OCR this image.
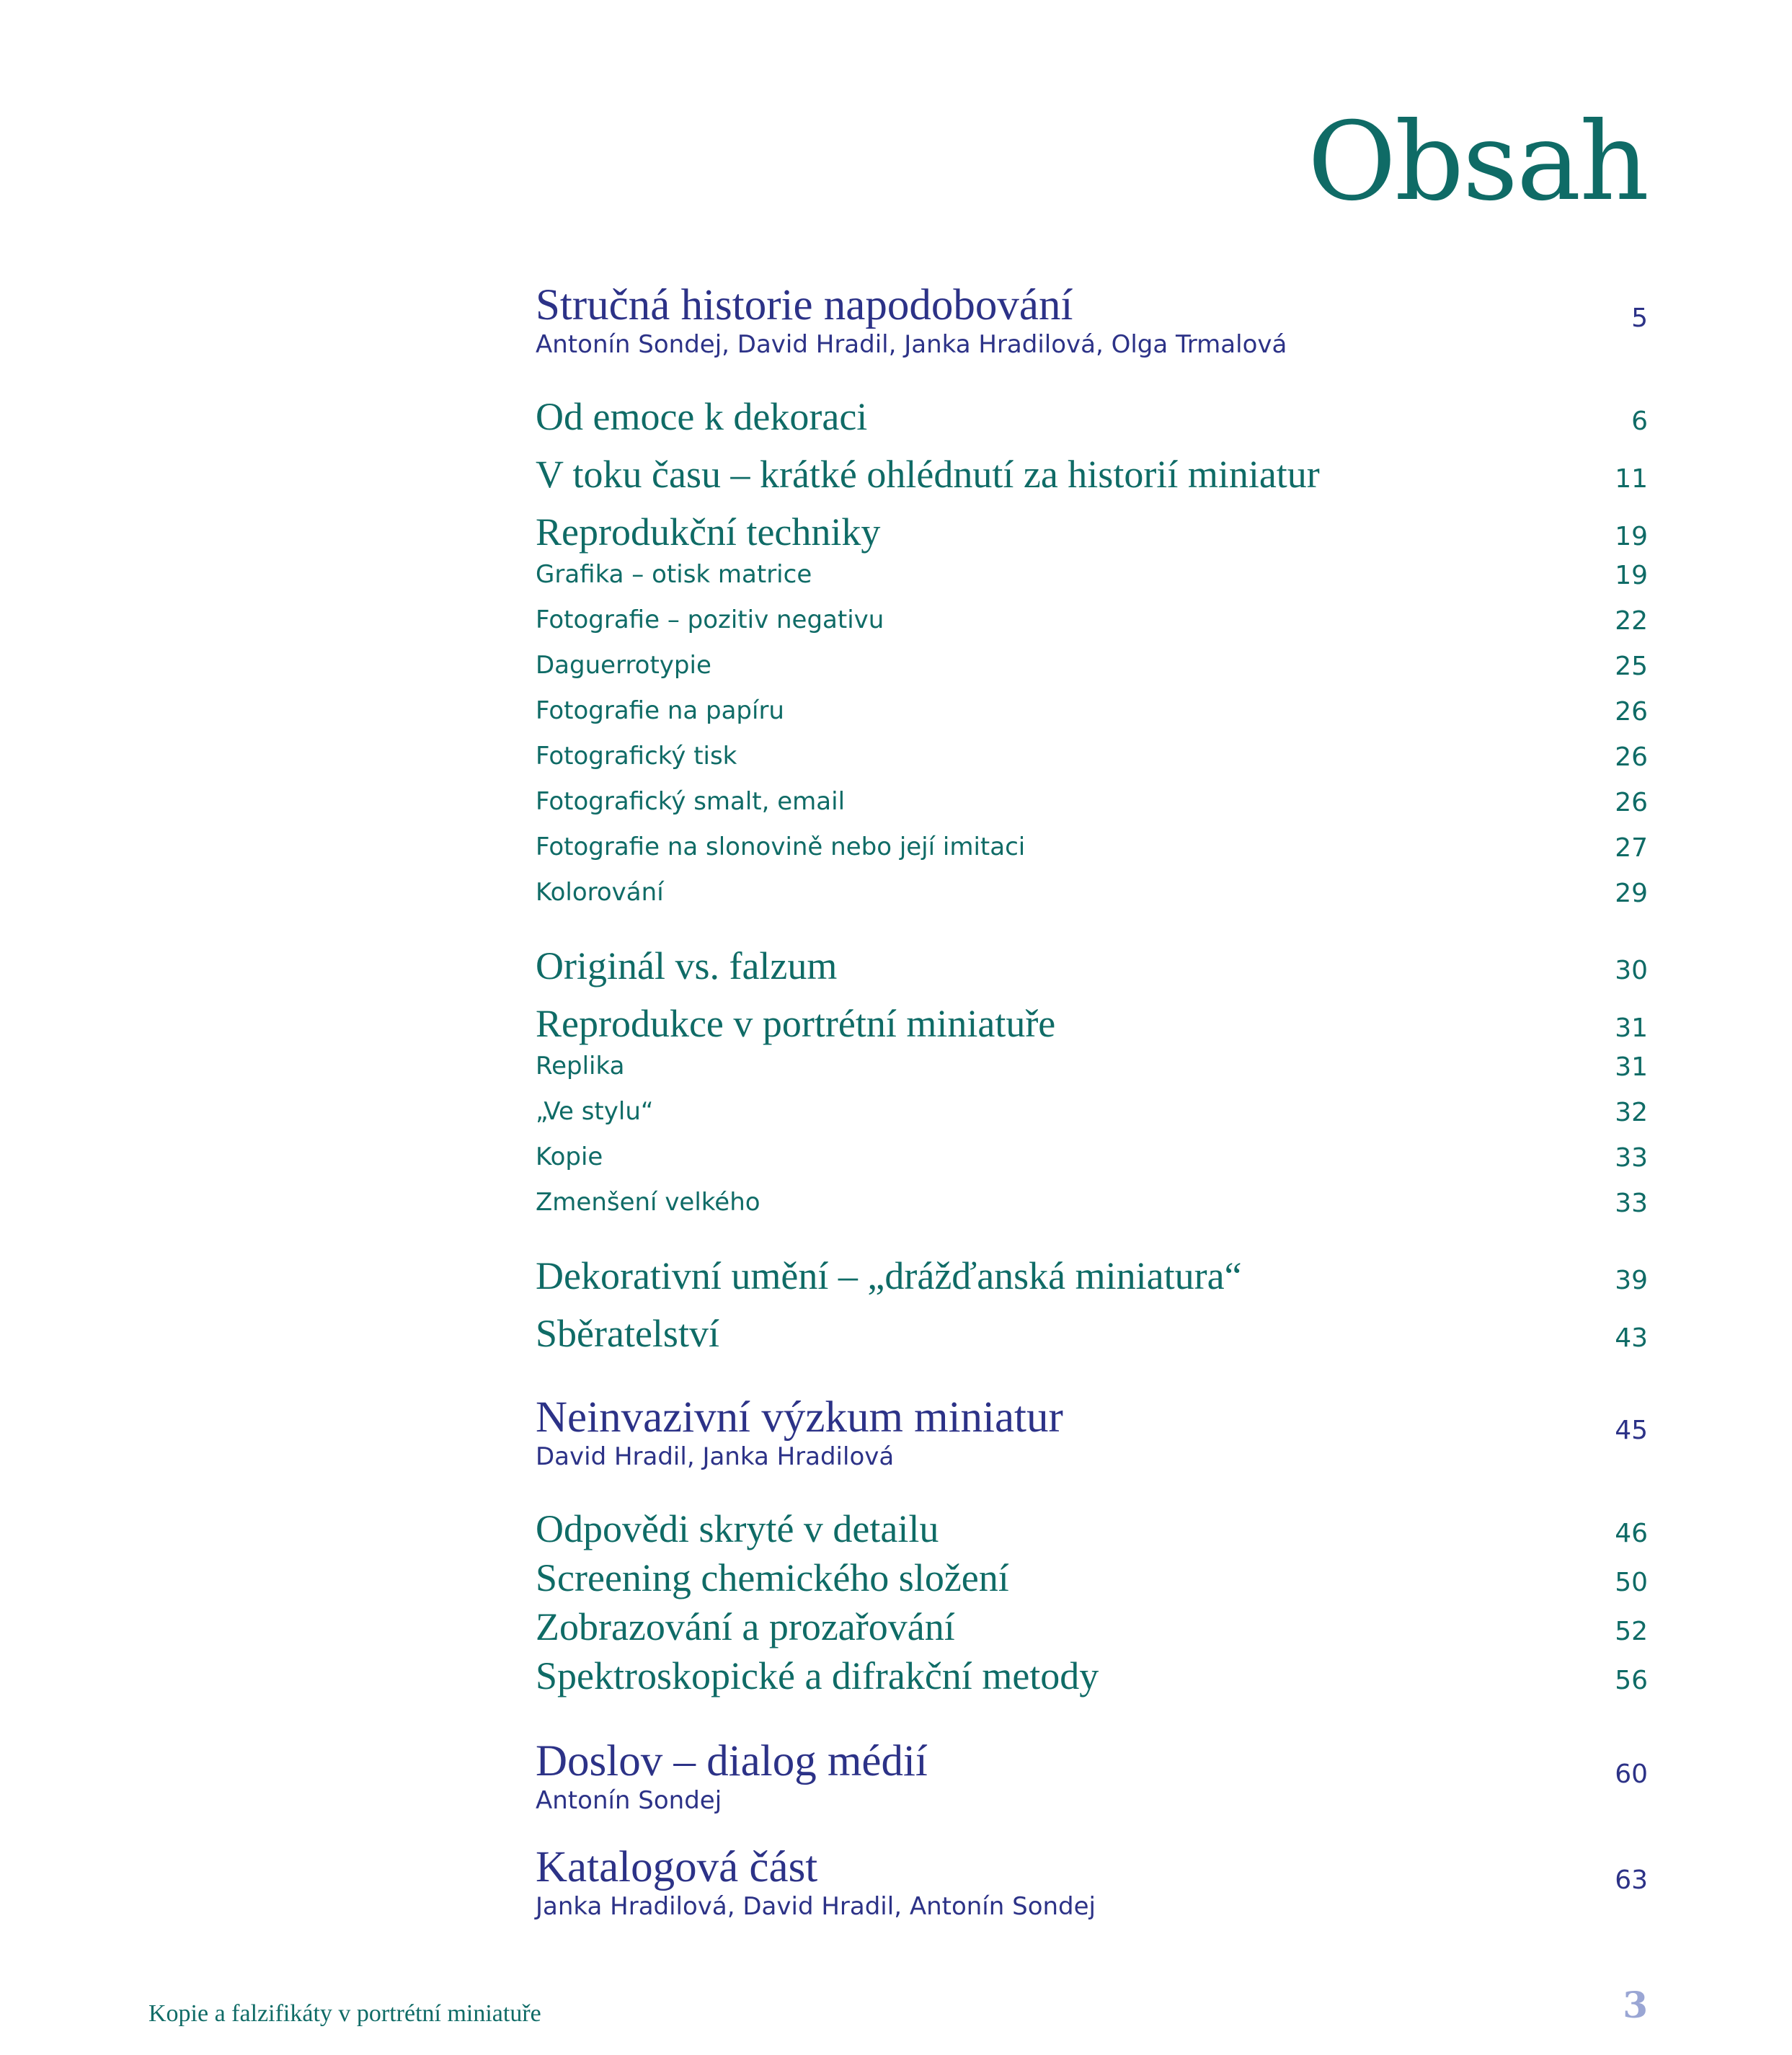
Obsah
Stručná historie napodobování	5
Antonín Sondej, David Hradil, Janka Hradilová, Olga Trmalová
Od emoce k dekoraci	6
V toku času – krátké ohlédnutí za historií miniatur	11
Reprodukční techniky	19
Grafika – otisk matrice	19
Fotografie – pozitiv negativu	22
Daguerrotypie	25
Fotografie na papíru	26
Fotografický tisk	26
Fotografický smalt, email	26
Fotografie na slonovině nebo její imitaci	27
Kolorování	29
Originál vs. falzum	30
Reprodukce v portrétní miniatuře	31
Replika	31
„Ve stylu“	32
Kopie	33
Zmenšení velkého	33
Dekorativní umění – „drážďanská miniatura“	39
Sběratelství	43
Neinvazivní výzkum miniatur	45
David Hradil, Janka Hradilová
Odpovědi skryté v detailu	46
Screening chemického složení	50
Zobrazování a prozařování	52
Spektroskopické a difrakční metody	56
Doslov – dialog médií	60
Antonín Sondej
Katalogová část	63
Janka Hradilová, David Hradil, Antonín Sondej
Kopie a falzifikáty v portrétní miniatuře	3
